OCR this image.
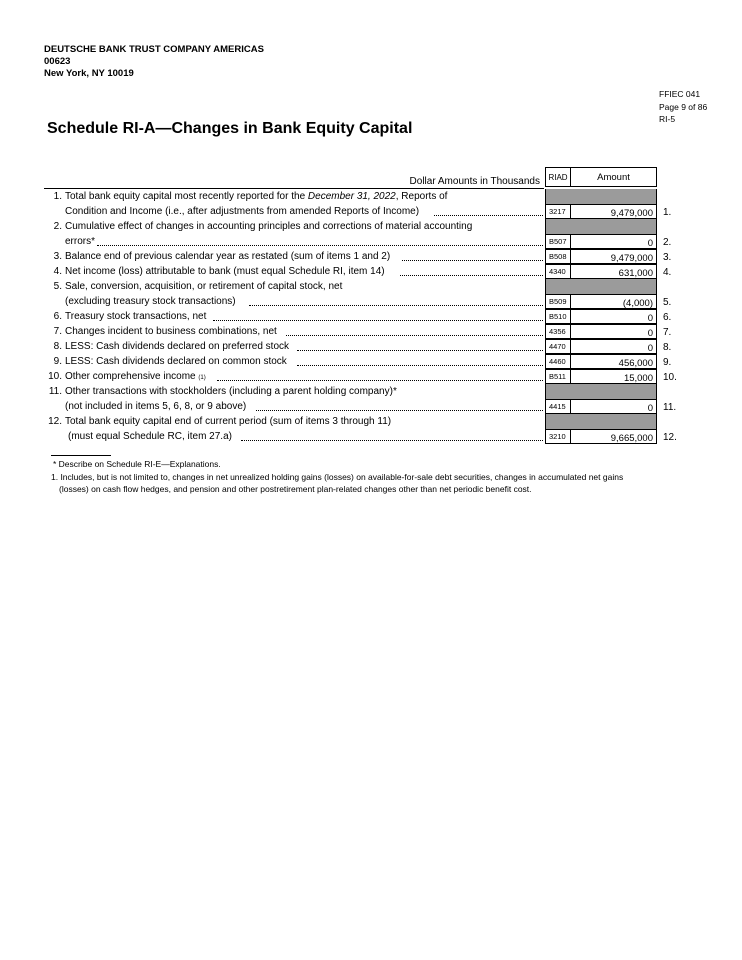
DEUTSCHE BANK TRUST COMPANY AMERICAS
00623
New York, NY 10019
FFIEC 041
Page 9 of 86
RI-5
Schedule RI-A—Changes in Bank Equity Capital
Dollar Amounts in Thousands	RIAD	Amount
1. Total bank equity capital most recently reported for the December 31, 2022, Reports of
Condition and Income (i.e., after adjustments from amended Reports of Income)	3217	9,479,000	1.
2. Cumulative effect of changes in accounting principles and corrections of material accounting
errors*	B507	0	2.
3. Balance end of previous calendar year as restated (sum of items 1 and 2)	B508	9,479,000	3.
4. Net income (loss) attributable to bank (must equal Schedule RI, item 14)	4340	631,000	4.
5. Sale, conversion, acquisition, or retirement of capital stock, net
(excluding treasury stock transactions)	B509	(4,000)	5.
6. Treasury stock transactions, net	B510	0	6.
7. Changes incident to business combinations, net	4356	0	7.
8. LESS: Cash dividends declared on preferred stock	4470	0	8.
9. LESS: Cash dividends declared on common stock	4460	456,000	9.
10. Other comprehensive income (1)	B511	15,000	10.
11. Other transactions with stockholders (including a parent holding company)*
(not included in items 5, 6, 8, or 9 above)	4415	0	11.
12. Total bank equity capital end of current period (sum of items 3 through 11)
(must equal Schedule RC, item 27.a)	3210	9,665,000	12.
* Describe on Schedule RI-E—Explanations.
1. Includes, but is not limited to, changes in net unrealized holding gains (losses) on available-for-sale debt securities, changes in accumulated net gains
(losses) on cash flow hedges, and pension and other postretirement plan-related changes other than net periodic benefit cost.
